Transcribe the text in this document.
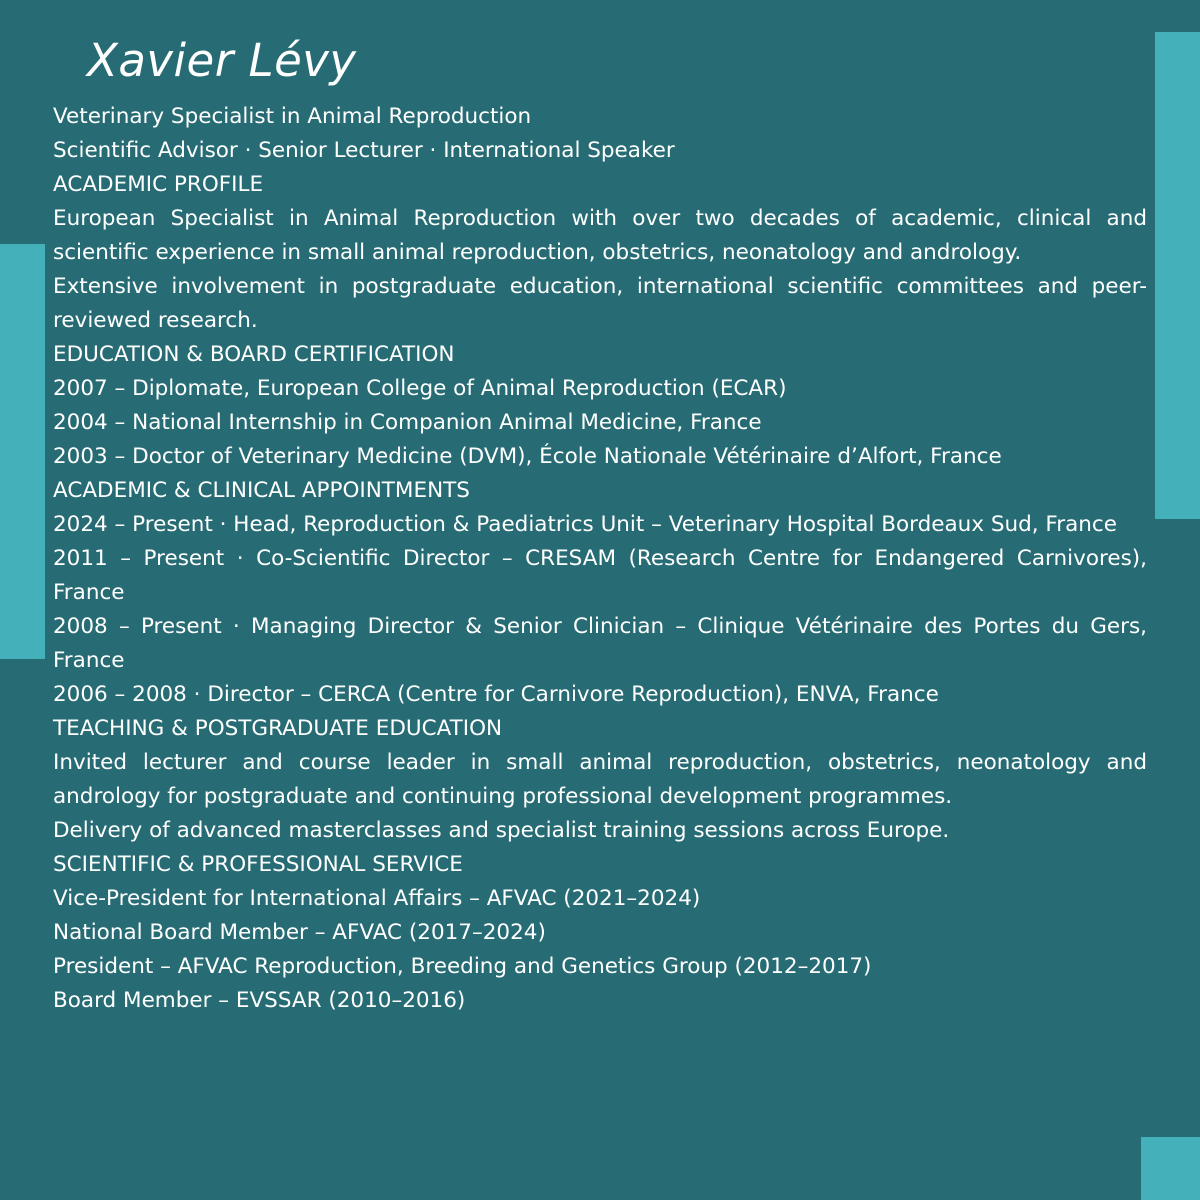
Xavier Lévy
Veterinary Specialist in Animal Reproduction
Scientific Advisor · Senior Lecturer · International Speaker
ACADEMIC PROFILE
European Specialist in Animal Reproduction with over two decades of academic, clinical and scientific experience in small animal reproduction, obstetrics, neonatology and andrology.
Extensive involvement in postgraduate education, international scientific committees and peer-reviewed research.
EDUCATION & BOARD CERTIFICATION
2007 – Diplomate, European College of Animal Reproduction (ECAR)
2004 – National Internship in Companion Animal Medicine, France
2003 – Doctor of Veterinary Medicine (DVM), École Nationale Vétérinaire d’Alfort, France
ACADEMIC & CLINICAL APPOINTMENTS
2024 – Present · Head, Reproduction & Paediatrics Unit – Veterinary Hospital Bordeaux Sud, France
2011 – Present · Co-Scientific Director – CRESAM (Research Centre for Endangered Carnivores), France
2008 – Present · Managing Director & Senior Clinician – Clinique Vétérinaire des Portes du Gers, France
2006 – 2008 · Director – CERCA (Centre for Carnivore Reproduction), ENVA, France
TEACHING & POSTGRADUATE EDUCATION
Invited lecturer and course leader in small animal reproduction, obstetrics, neonatology and andrology for postgraduate and continuing professional development programmes.
Delivery of advanced masterclasses and specialist training sessions across Europe.
SCIENTIFIC & PROFESSIONAL SERVICE
Vice-President for International Affairs – AFVAC (2021–2024)
National Board Member – AFVAC (2017–2024)
President – AFVAC Reproduction, Breeding and Genetics Group (2012–2017)
Board Member – EVSSAR (2010–2016)
